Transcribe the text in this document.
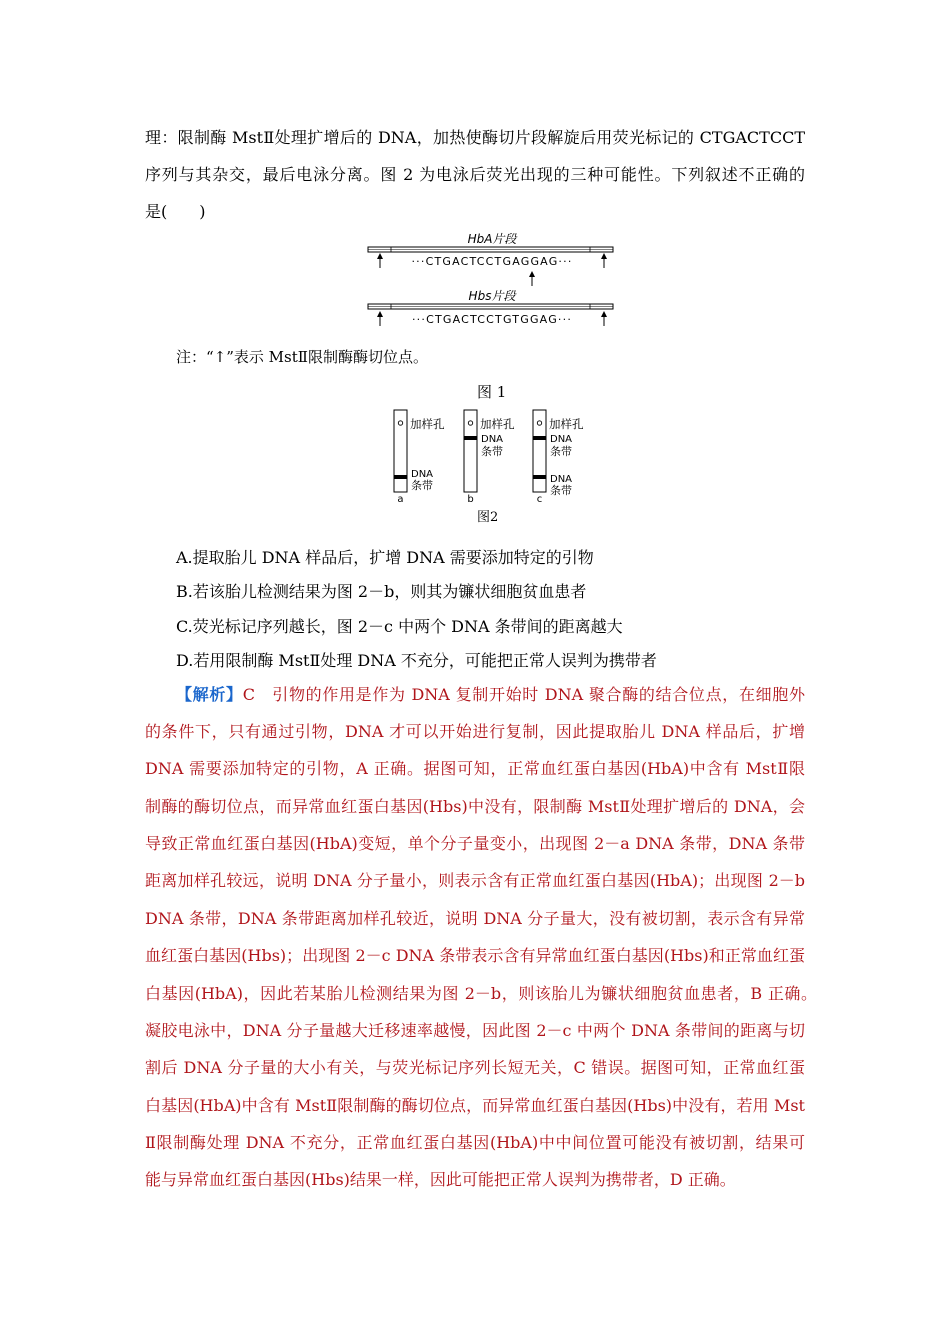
理：限制酶 MstⅡ处理扩增后的 DNA，加热使酶切片段解旋后用荧光标记的 CTGACTCCT
序列与其杂交，最后电泳分离。图 2 为电泳后荧光出现的三种可能性。下列叙述不正确的
是(　　)
HbA片段
···CTGACTCCTGAGGAG···
Hbs片段
···CTGACTCCTGTGGAG···
注：“↑”表示 MstⅡ限制酶酶切位点。
图 1
加样孔
DNA
条带
a
加样孔
DNA
条带
b
加样孔
DNA
条带
DNA
条带
c
图2
A.提取胎儿 DNA 样品后，扩增 DNA 需要添加特定的引物
B.若该胎儿检测结果为图 2－b，则其为镰状细胞贫血患者
C.荧光标记序列越长，图 2－c 中两个 DNA 条带间的距离越大
D.若用限制酶 MstⅡ处理 DNA 不充分，可能把正常人误判为携带者
【解析】C　引物的作用是作为 DNA 复制开始时 DNA 聚合酶的结合位点，在细胞外
的条件下，只有通过引物，DNA 才可以开始进行复制，因此提取胎儿 DNA 样品后，扩增
DNA 需要添加特定的引物，A 正确。据图可知，正常血红蛋白基因(HbA)中含有 MstⅡ限
制酶的酶切位点，而异常血红蛋白基因(Hbs)中没有，限制酶 MstⅡ处理扩增后的 DNA，会
导致正常血红蛋白基因(HbA)变短，单个分子量变小，出现图 2－a DNA 条带，DNA 条带
距离加样孔较远，说明 DNA 分子量小，则表示含有正常血红蛋白基因(HbA)；出现图 2－b
DNA 条带，DNA 条带距离加样孔较近，说明 DNA 分子量大，没有被切割，表示含有异常
血红蛋白基因(Hbs)；出现图 2－c DNA 条带表示含有异常血红蛋白基因(Hbs)和正常血红蛋
白基因(HbA)，因此若某胎儿检测结果为图 2－b，则该胎儿为镰状细胞贫血患者，B 正确。
凝胶电泳中，DNA 分子量越大迁移速率越慢，因此图 2－c 中两个 DNA 条带间的距离与切
割后 DNA 分子量的大小有关，与荧光标记序列长短无关，C 错误。据图可知，正常血红蛋
白基因(HbA)中含有 MstⅡ限制酶的酶切位点，而异常血红蛋白基因(Hbs)中没有，若用 Mst
Ⅱ限制酶处理 DNA 不充分，正常血红蛋白基因(HbA)中中间位置可能没有被切割，结果可
能与异常血红蛋白基因(Hbs)结果一样，因此可能把正常人误判为携带者，D 正确。
